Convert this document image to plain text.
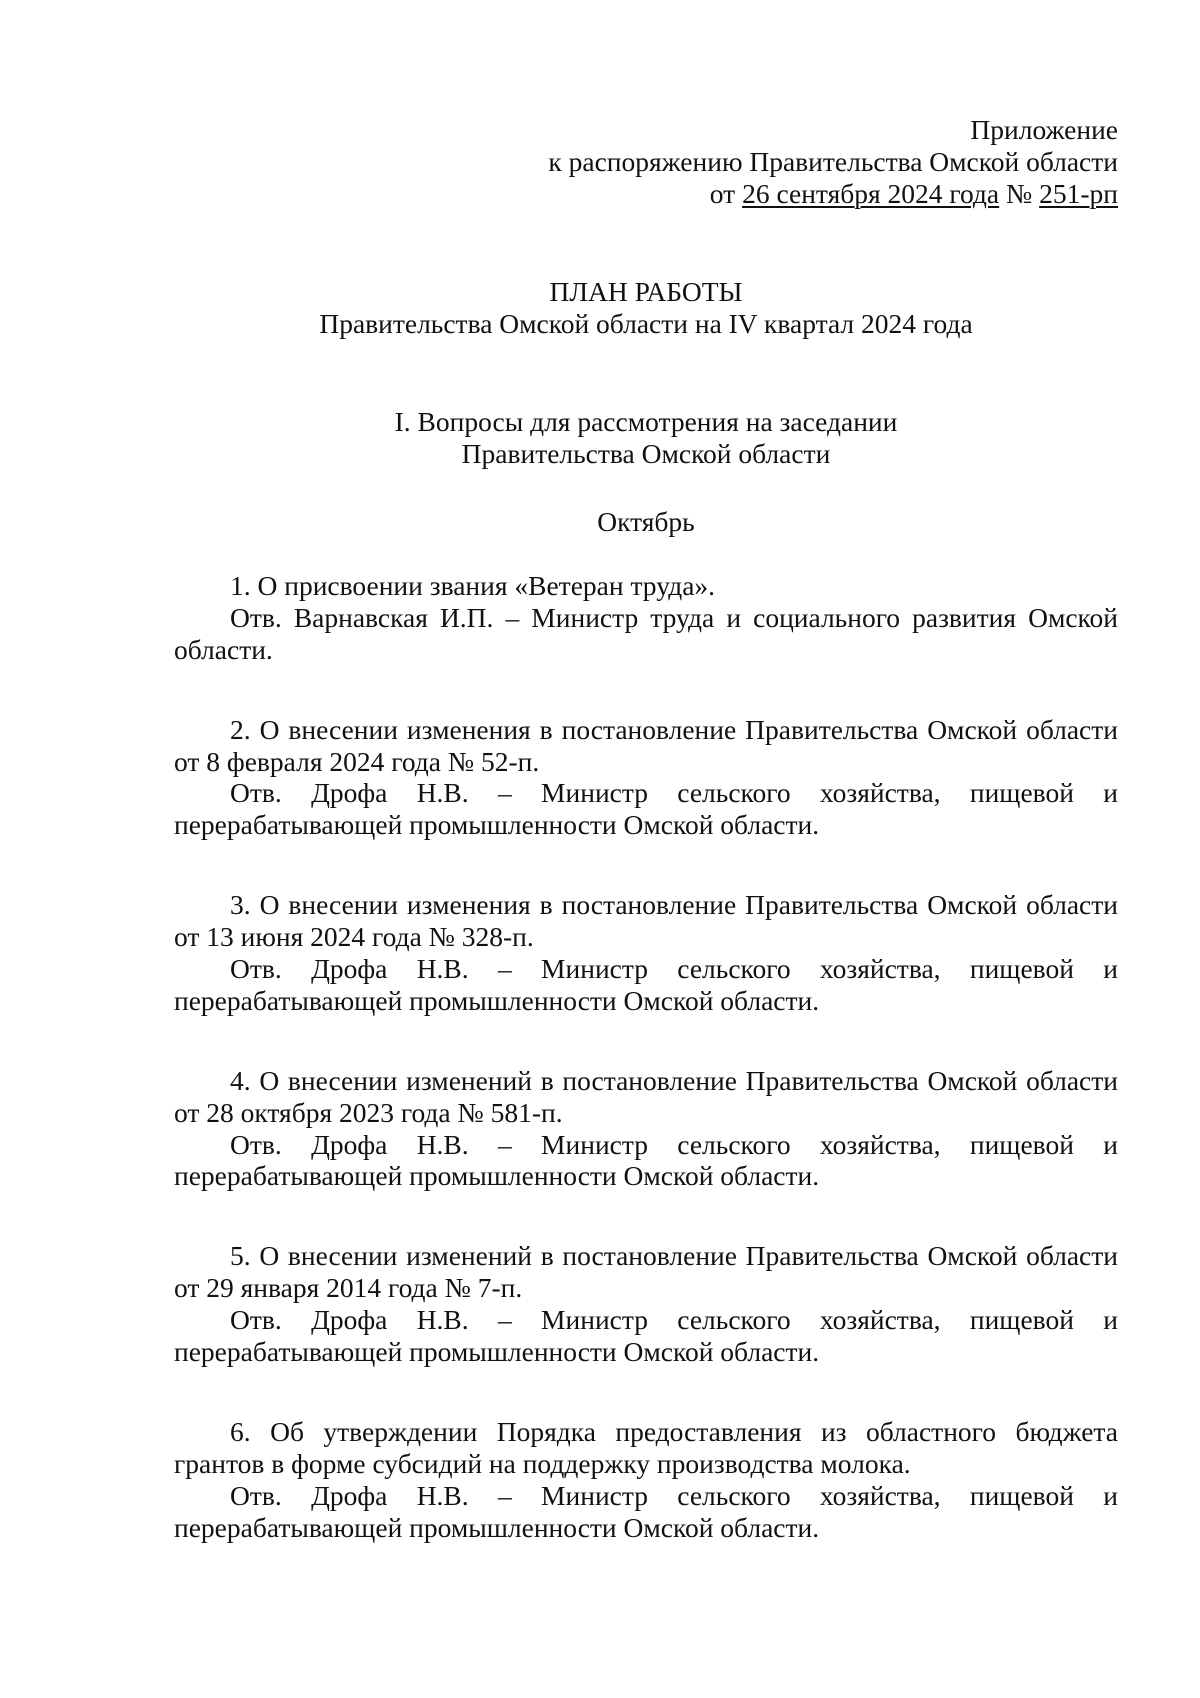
Приложение
к распоряжению Правительства Омской области
от 26 сентября 2024 года № 251-рп
ПЛАН РАБОТЫ
Правительства Омской области на IV квартал 2024 года
I. Вопросы для рассмотрения на заседании
Правительства Омской области
Октябрь

1. О присвоении звания «Ветеран труда».

Отв. Варнавская И.П. – Министр труда и социального развития Омской области.

2. О внесении изменения в постановление Правительства Омской области от 8 февраля 2024 года № 52-п.

Отв. Дрофа Н.В. – Министр сельского хозяйства, пищевой и перерабатывающей промышленности Омской области.

3. О внесении изменения в постановление Правительства Омской области от 13 июня 2024 года № 328-п.

Отв. Дрофа Н.В. – Министр сельского хозяйства, пищевой и перерабатывающей промышленности Омской области.

4. О внесении изменений в постановление Правительства Омской области от 28 октября 2023 года № 581-п.

Отв. Дрофа Н.В. – Министр сельского хозяйства, пищевой и перерабатывающей промышленности Омской области.

5. О внесении изменений в постановление Правительства Омской области от 29 января 2014 года № 7-п.

Отв. Дрофа Н.В. – Министр сельского хозяйства, пищевой и перерабатывающей промышленности Омской области.

6. Об утверждении Порядка предоставления из областного бюджета грантов в форме субсидий на поддержку производства молока.

Отв. Дрофа Н.В. – Министр сельского хозяйства, пищевой и перерабатывающей промышленности Омской области.
